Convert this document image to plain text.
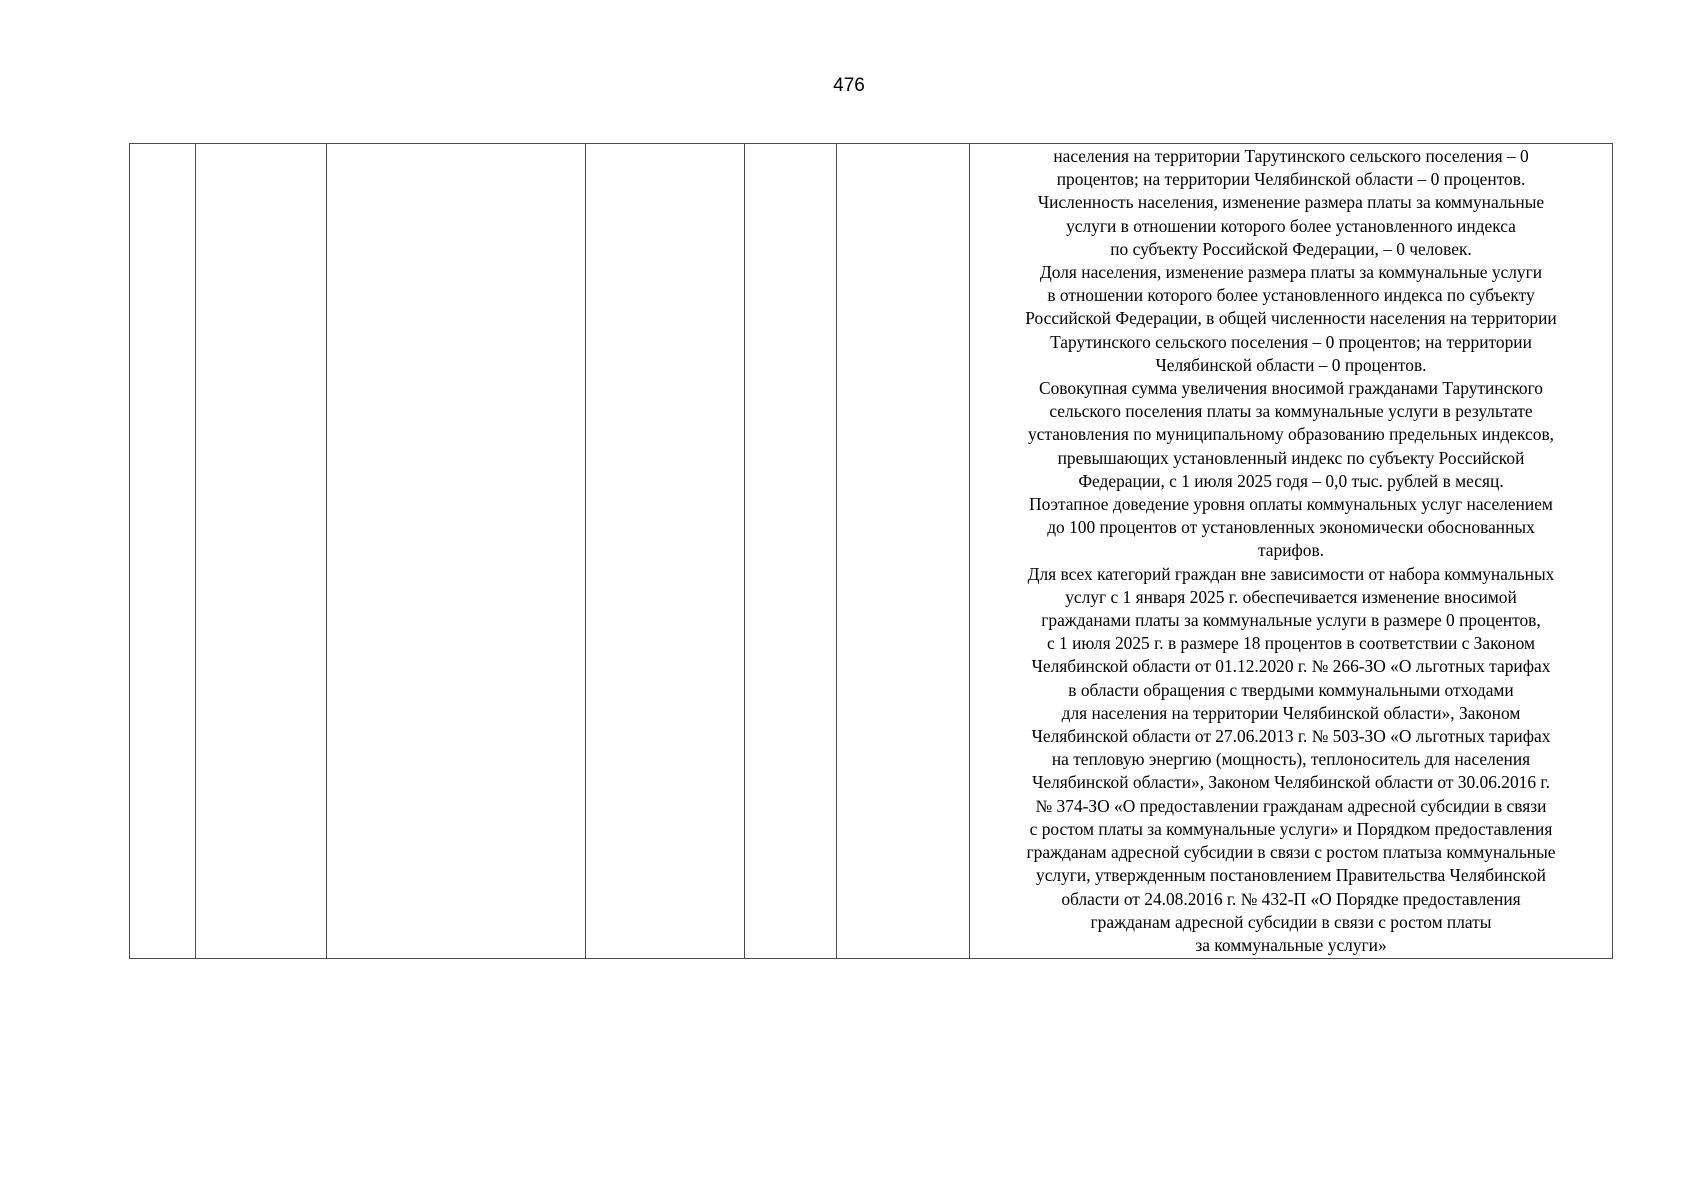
476

населения на территории Тарутинского сельского поселения – 0
процентов; на территории Челябинской области – 0 процентов.
Численность населения, изменение размера платы за коммунальные
услуги в отношении которого более установленного индекса
по субъекту Российской Федерации, – 0 человек.
Доля населения, изменение размера платы за коммунальные услуги
в отношении которого более установленного индекса по субъекту
Российской Федерации, в общей численности населения на территории
Тарутинского сельского поселения – 0 процентов; на территории
Челябинской области – 0 процентов.
Совокупная сумма увеличения вносимой гражданами Тарутинского
сельского поселения платы за коммунальные услуги в результате
установления по муниципальному образованию предельных индексов,
превышающих установленный индекс по субъекту Российской
Федерации, с 1 июля 2025 годя – 0,0 тыс. рублей в месяц.
Поэтапное доведение уровня оплаты коммунальных услуг населением
до 100 процентов от установленных экономически обоснованных
тарифов.
Для всех категорий граждан вне зависимости от набора коммунальных
услуг с 1 января 2025 г. обеспечивается изменение вносимой
гражданами платы за коммунальные услуги в размере 0 процентов,
с 1 июля 2025 г. в размере 18 процентов в соответствии с Законом
Челябинской области от 01.12.2020 г. № 266-ЗО «О льготных тарифах
в области обращения с твердыми коммунальными отходами
для населения на территории Челябинской области», Законом
Челябинской области от 27.06.2013 г. № 503-ЗО «О льготных тарифах
на тепловую энергию (мощность), теплоноситель для населения
Челябинской области», Законом Челябинской области от 30.06.2016 г.
№ 374-ЗО «О предоставлении гражданам адресной субсидии в связи
с ростом платы за коммунальные услуги» и Порядком предоставления
гражданам адресной субсидии в связи с ростом платыза коммунальные
услуги, утвержденным постановлением Правительства Челябинской
области от 24.08.2016 г. № 432-П «О Порядке предоставления
гражданам адресной субсидии в связи с ростом платы
за коммунальные услуги»
